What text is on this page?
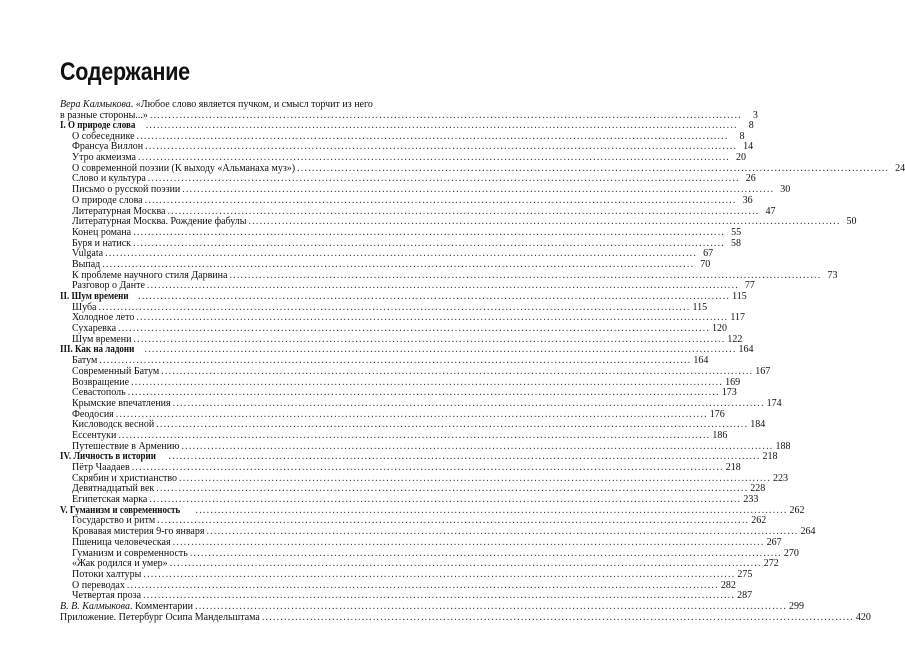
Содержание
Вера Калмыкова . «Любое слово является пучком, и смысл торчит из него
в разные стороны...» .....	3
I. О природе слова .....	8
О собеседнике .....	8
Франсуа Виллон .....	14
Утро акмеизма .....	20
О современной поэзии (К выходу «Альманаха муз») .....	24
Слово и культура .....	26
Письмо о русской поэзии .....	30
О природе слова .....	36
Литературная Москва .....	47
Литературная Москва. Рождение фабулы .....	50
Конец романа .....	55
Буря и натиск .....	58
Vulgata .....	67
Выпад .....	70
К проблеме научного стиля Дарвина .....	73
Разговор о Данте .....	77
II. Шум времени .....	115
Шуба .....	115
Холодное лето .....	117
Сухаревка .....	120
Шум времени .....	122
III. Как на ладони .....	164
Батум .....	164
Современный Батум .....	167
Возвращение .....	169
Севастополь .....	173
Крымские впечатления .....	174
Феодосия .....	176
Кисловодск весной .....	184
Ессентуки .....	186
Путешествие в Армению .....	188
IV. Личность в истории .....	218
Пётр Чаадаев .....	218
Скрябин и христианство .....	223
Девятнадцатый век .....	228
Египетская марка .....	233
V. Гуманизм и современность .....	262
Государство и ритм .....	262
Кровавая мистерия 9-го января .....	264
Пшеница человеческая .....	267
Гуманизм и современность .....	270
«Жак родился и умер» .....	272
Потоки халтуры .....	275
О переводах .....	282
Четвертая проза .....	287
В. В. Калмыкова. Комментарии .....	299
Приложение. Петербург Осипа Мандельштама .....	420
